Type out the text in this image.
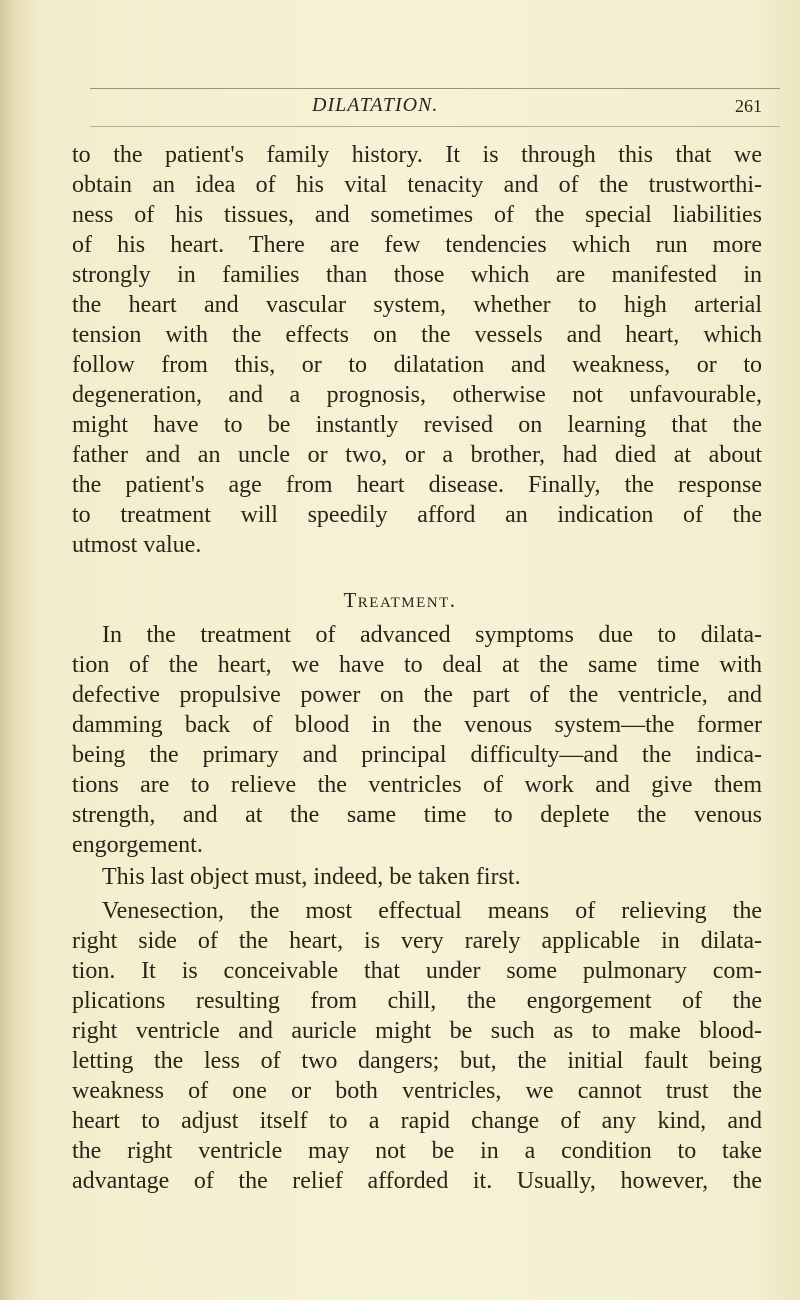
DILATATION.	261
to the patient's family history. It is through this that we
obtain an idea of his vital tenacity and of the trustworthi-
ness of his tissues, and sometimes of the special liabilities
of his heart. There are few tendencies which run more
strongly in families than those which are manifested in
the heart and vascular system, whether to high arterial
tension with the effects on the vessels and heart, which
follow from this, or to dilatation and weakness, or to
degeneration, and a prognosis, otherwise not unfavourable,
might have to be instantly revised on learning that the
father and an uncle or two, or a brother, had died at about
the patient's age from heart disease. Finally, the response
to treatment will speedily afford an indication of the
utmost value.
Treatment.
In the treatment of advanced symptoms due to dilata-
tion of the heart, we have to deal at the same time with
defective propulsive power on the part of the ventricle, and
damming back of blood in the venous system—the former
being the primary and principal difficulty—and the indica-
tions are to relieve the ventricles of work and give them
strength, and at the same time to deplete the venous
engorgement.
This last object must, indeed, be taken first.
Venesection, the most effectual means of relieving the
right side of the heart, is very rarely applicable in dilata-
tion. It is conceivable that under some pulmonary com-
plications resulting from chill, the engorgement of the
right ventricle and auricle might be such as to make blood-
letting the less of two dangers; but, the initial fault being
weakness of one or both ventricles, we cannot trust the
heart to adjust itself to a rapid change of any kind, and
the right ventricle may not be in a condition to take
advantage of the relief afforded it. Usually, however, the
